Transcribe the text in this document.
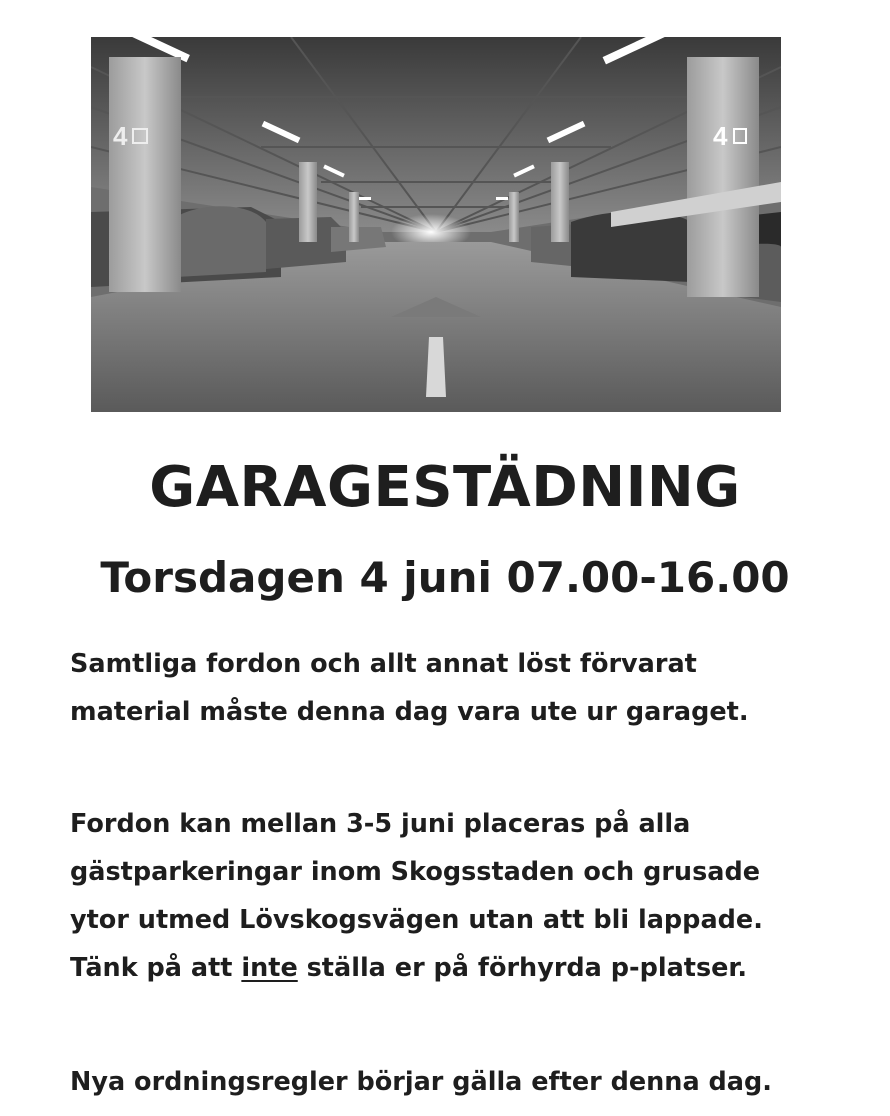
4	4
GARAGESTÄDNING
Torsdagen 4 juni 07.00-16.00
Samtliga fordon och allt annat löst förvarat
material måste denna dag vara ute ur garaget.
Fordon kan mellan 3-5 juni placeras på alla
gästparkeringar inom Skogsstaden och grusade
ytor utmed Lövskogsvägen utan att bli lappade.
Tänk på att inte ställa er på förhyrda p-platser.
Nya ordningsregler börjar gälla efter denna dag.
